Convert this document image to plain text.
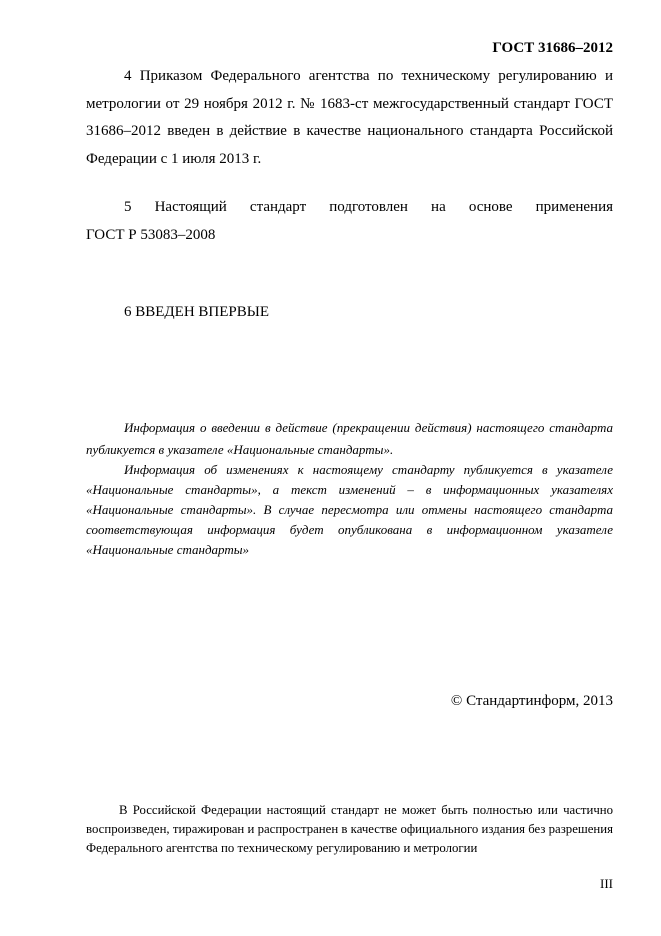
ГОСТ 31686–2012

4 Приказом Федерального агентства по техническому регулированию и метрологии от 29 ноября 2012 г. № 1683-ст межгосударственный стандарт ГОСТ 31686–2012 введен в действие в качестве национального стандарта Российской Федерации с 1 июля 2013 г.

5 Настоящий стандарт подготовлен на основе применения

ГОСТ Р 53083–2008

6 ВВЕДЕН ВПЕРВЫЕ

Информация о введении в действие (прекращении действия) настоящего стандарта публикуется в указателе «Национальные стандарты».

Информация об изменениях к настоящему стандарту публикуется в указателе «Национальные стандарты», а текст изменений – в информационных указателях «Национальные стандарты». В случае пересмотра или отмены настоящего стандарта соответствующая информация будет опубликована в информационном указателе «Национальные стандарты»

© Стандартинформ, 2013

В Российской Федерации настоящий стандарт не может быть полностью или частично воспроизведен, тиражирован и распространен в качестве официального издания без разрешения Федерального агентства по техническому регулированию и метрологии

III
